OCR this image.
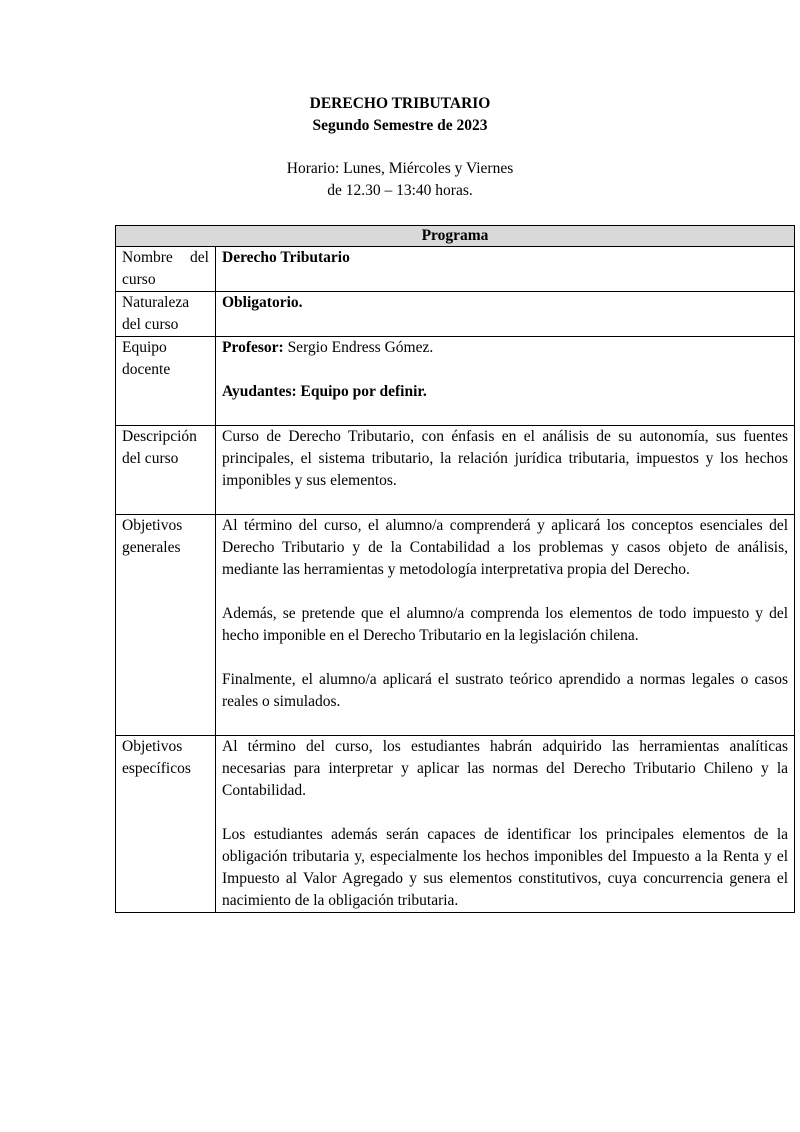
DERECHO TRIBUTARIO
Segundo Semestre de 2023
Horario: Lunes, Miércoles y Viernes
de 12.30 – 13:40 horas.
Programa	
Nombre del curso	Derecho Tributario
Naturaleza del curso	Obligatorio.
Equipo docente	Profesor: Sergio Endress Gómez.

Ayudantes: Equipo por definir.

Descripción del curso	Curso de Derecho Tributario, con énfasis en el análisis de su autonomía, sus fuentes principales, el sistema tributario, la relación jurídica tributaria, impuestos y los hechos imponibles y sus elementos.

Objetivos generales	Al término del curso, el alumno/a comprenderá y aplicará los conceptos esenciales del Derecho Tributario y de la Contabilidad a los problemas y casos objeto de análisis, mediante las herramientas y metodología interpretativa propia del Derecho.

Además, se pretende que el alumno/a comprenda los elementos de todo impuesto y del hecho imponible en el Derecho Tributario en la legislación chilena.

Finalmente, el alumno/a aplicará el sustrato teórico aprendido a normas legales o casos reales o simulados.

Objetivos específicos	Al término del curso, los estudiantes habrán adquirido las herramientas analíticas necesarias para interpretar y aplicar las normas del Derecho Tributario Chileno y la Contabilidad.

Los estudiantes además serán capaces de identificar los principales elementos de la obligación tributaria y, especialmente los hechos imponibles del Impuesto a la Renta y el Impuesto al Valor Agregado y sus elementos constitutivos, cuya concurrencia genera el nacimiento de la obligación tributaria.
